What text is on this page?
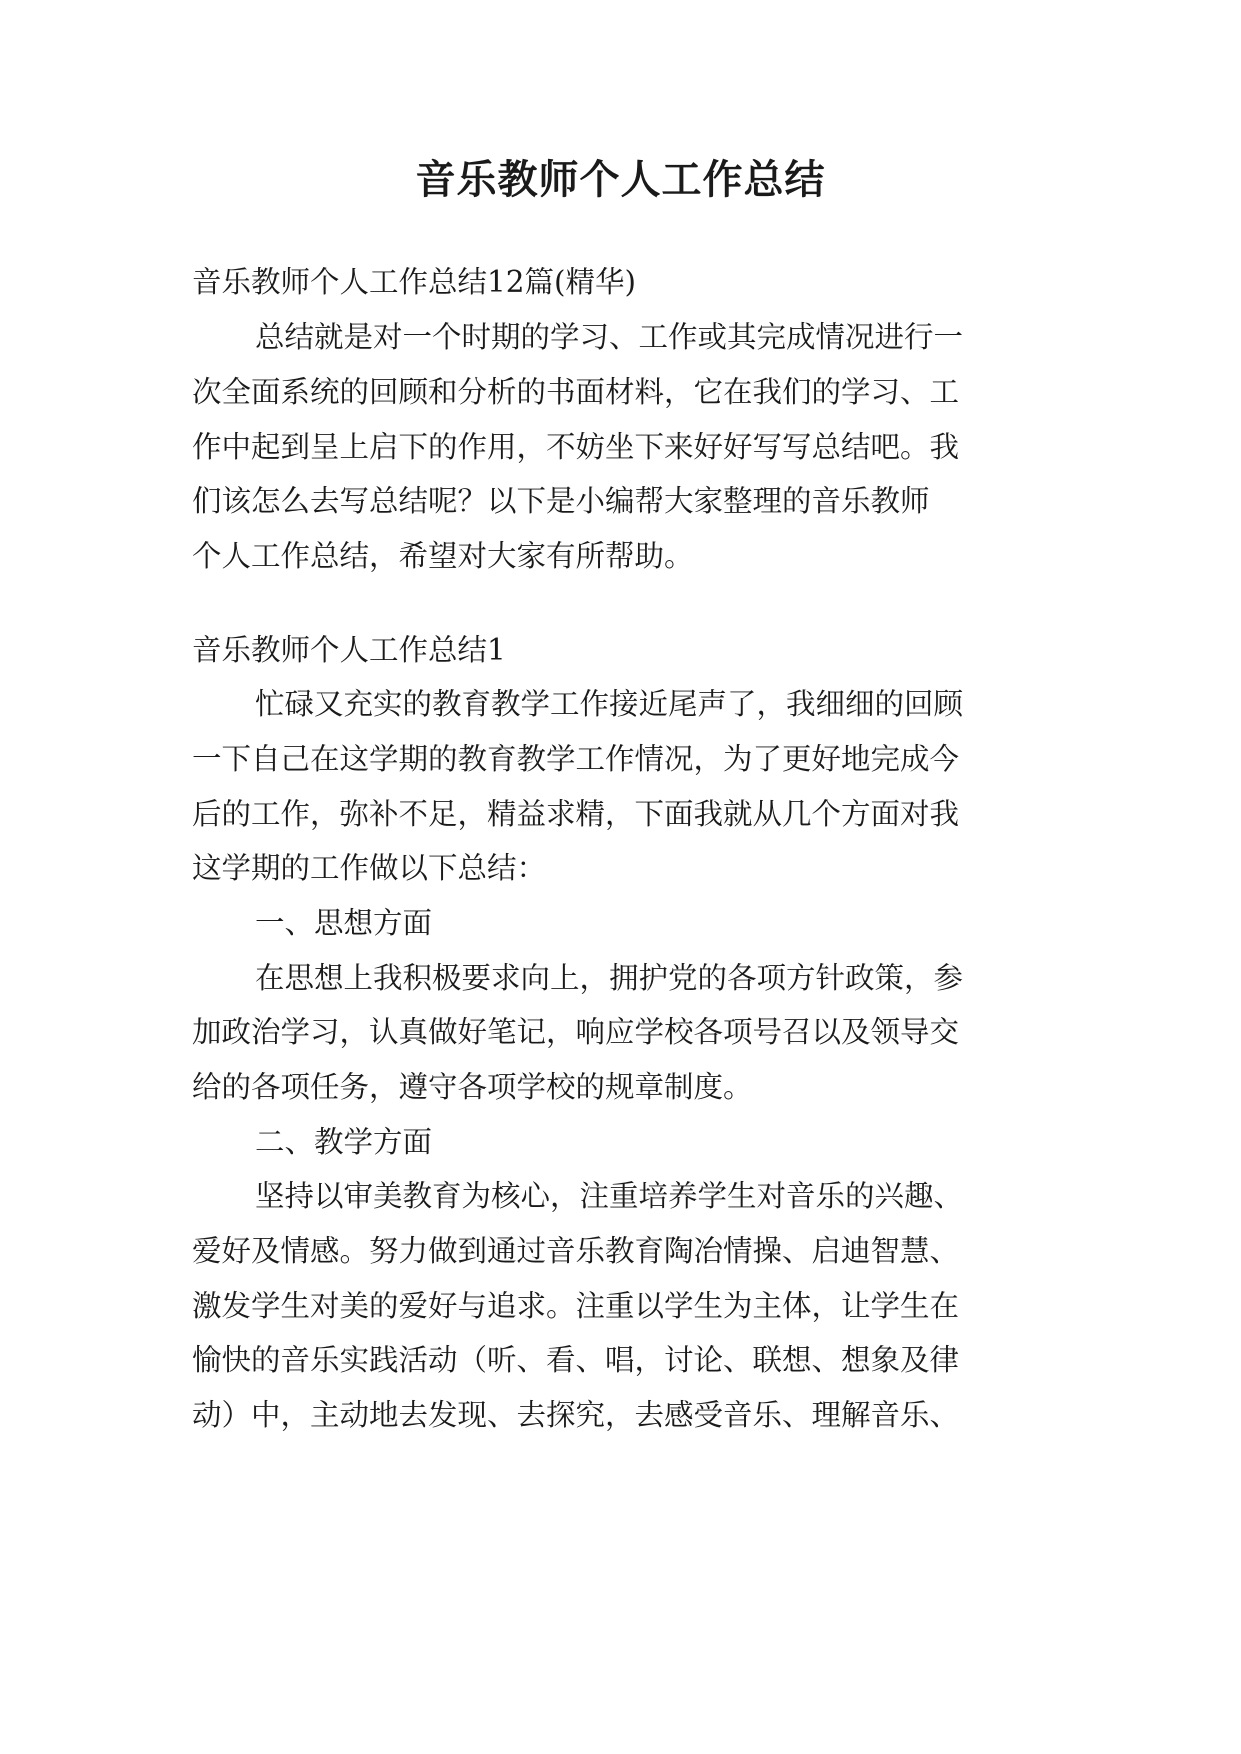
音乐教师个人工作总结

音乐教师个人工作总结12篇(精华)

总结就是对一个时期的学习、工作或其完成情况进行一

次全面系统的回顾和分析的书面材料，它在我们的学习、工

作中起到呈上启下的作用，不妨坐下来好好写写总结吧。我

们该怎么去写总结呢？以下是小编帮大家整理的音乐教师

个人工作总结，希望对大家有所帮助。

音乐教师个人工作总结1

忙碌又充实的教育教学工作接近尾声了，我细细的回顾

一下自己在这学期的教育教学工作情况，为了更好地完成今

后的工作，弥补不足，精益求精，下面我就从几个方面对我

这学期的工作做以下总结：

一、思想方面

在思想上我积极要求向上，拥护党的各项方针政策，参

加政治学习，认真做好笔记，响应学校各项号召以及领导交

给的各项任务，遵守各项学校的规章制度。

二、教学方面

坚持以审美教育为核心，注重培养学生对音乐的兴趣、

爱好及情感。努力做到通过音乐教育陶冶情操、启迪智慧、

激发学生对美的爱好与追求。注重以学生为主体，让学生在

愉快的音乐实践活动（听、看、唱，讨论、联想、想象及律

动）中，主动地去发现、去探究，去感受音乐、理解音乐、
